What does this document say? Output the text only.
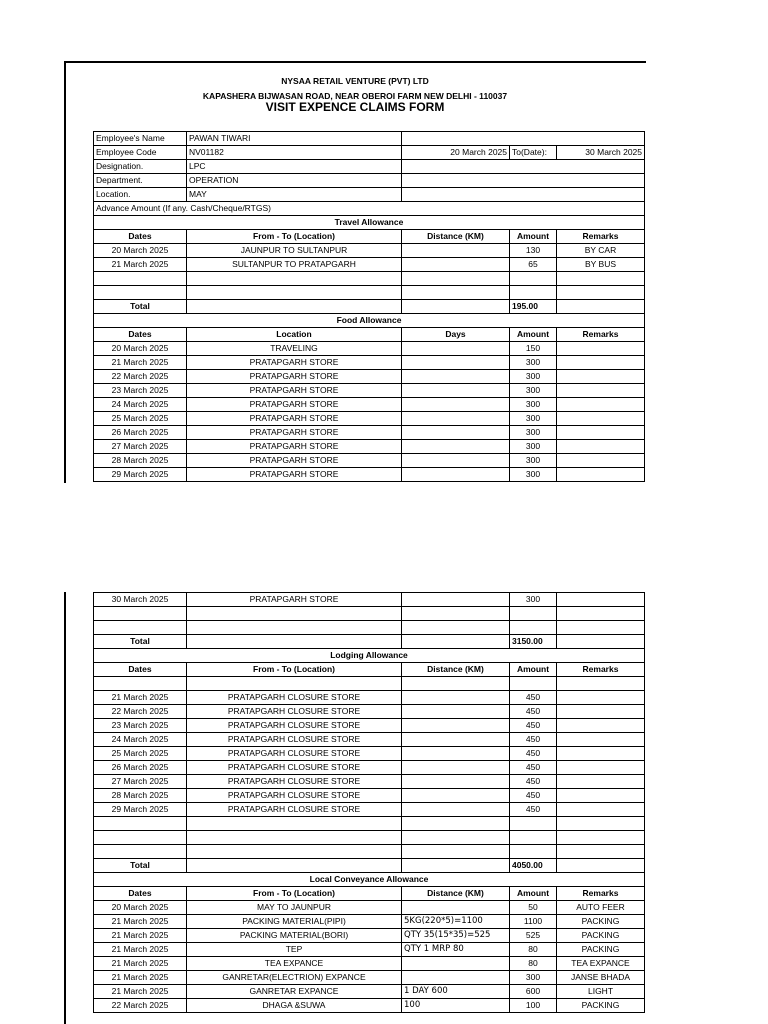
NYSAA RETAIL VENTURE (PVT) LTD
KAPASHERA BIJWASAN ROAD, NEAR OBEROI FARM NEW DELHI - 110037
VISIT EXPENCE CLAIMS FORM
Employee's Name	PAWAN TIWARI			
Employee Code	NV01182	20 March 2025	To(Date):	30 March 2025
Designation.	LPC			
Department.	OPERATION			
Location.	MAY			
Advance Amount (If any. Cash/Cheque/RTGS)				
Travel Allowance				
Dates	From - To (Location)	Distance (KM)	Amount	Remarks
20 March 2025	JAUNPUR TO SULTANPUR		130	BY CAR
21 March 2025	SULTANPUR TO PRATAPGARH		65	BY BUS

Total			195.00	
Food Allowance				
Dates	Location	Days	Amount	Remarks
20 March 2025	TRAVELING		150	
21 March 2025	PRATAPGARH STORE		300	
22 March 2025	PRATAPGARH STORE		300	
23 March 2025	PRATAPGARH STORE		300	
24 March 2025	PRATAPGARH STORE		300	
25 March 2025	PRATAPGARH STORE		300	
26 March 2025	PRATAPGARH STORE		300	
27 March 2025	PRATAPGARH STORE		300	
28 March 2025	PRATAPGARH STORE		300	
29 March 2025	PRATAPGARH STORE		300	
30 March 2025	PRATAPGARH STORE		300	

Total			3150.00	
Lodging Allowance				
Dates	From - To (Location)	Distance (KM)	Amount	Remarks

21 March 2025	PRATAPGARH CLOSURE STORE		450	
22 March 2025	PRATAPGARH CLOSURE STORE		450	
23 March 2025	PRATAPGARH CLOSURE STORE		450	
24 March 2025	PRATAPGARH CLOSURE STORE		450	
25 March 2025	PRATAPGARH CLOSURE STORE		450	
26 March 2025	PRATAPGARH CLOSURE STORE		450	
27 March 2025	PRATAPGARH CLOSURE STORE		450	
28 March 2025	PRATAPGARH CLOSURE STORE		450	
29 March 2025	PRATAPGARH CLOSURE STORE		450	

Total			4050.00	
Local Conveyance Allowance				
Dates	From - To (Location)	Distance (KM)	Amount	Remarks
20 March 2025	MAY TO JAUNPUR		50	AUTO FEER
21 March 2025	PACKING MATERIAL(PIPI)	5KG(220*5)=1100	1100	PACKING
21 March 2025	PACKING MATERIAL(BORI)	QTY 35(15*35)=525	525	PACKING
21 March 2025	TEP	QTY 1 MRP 80	80	PACKING
21 March 2025	TEA EXPANCE		80	TEA EXPANCE
21 March 2025	GANRETAR(ELECTRION) EXPANCE		300	JANSE BHADA
21 March 2025	GANRETAR EXPANCE	1 DAY 600	600	LIGHT
22 March 2025	DHAGA &SUWA	100	100	PACKING
